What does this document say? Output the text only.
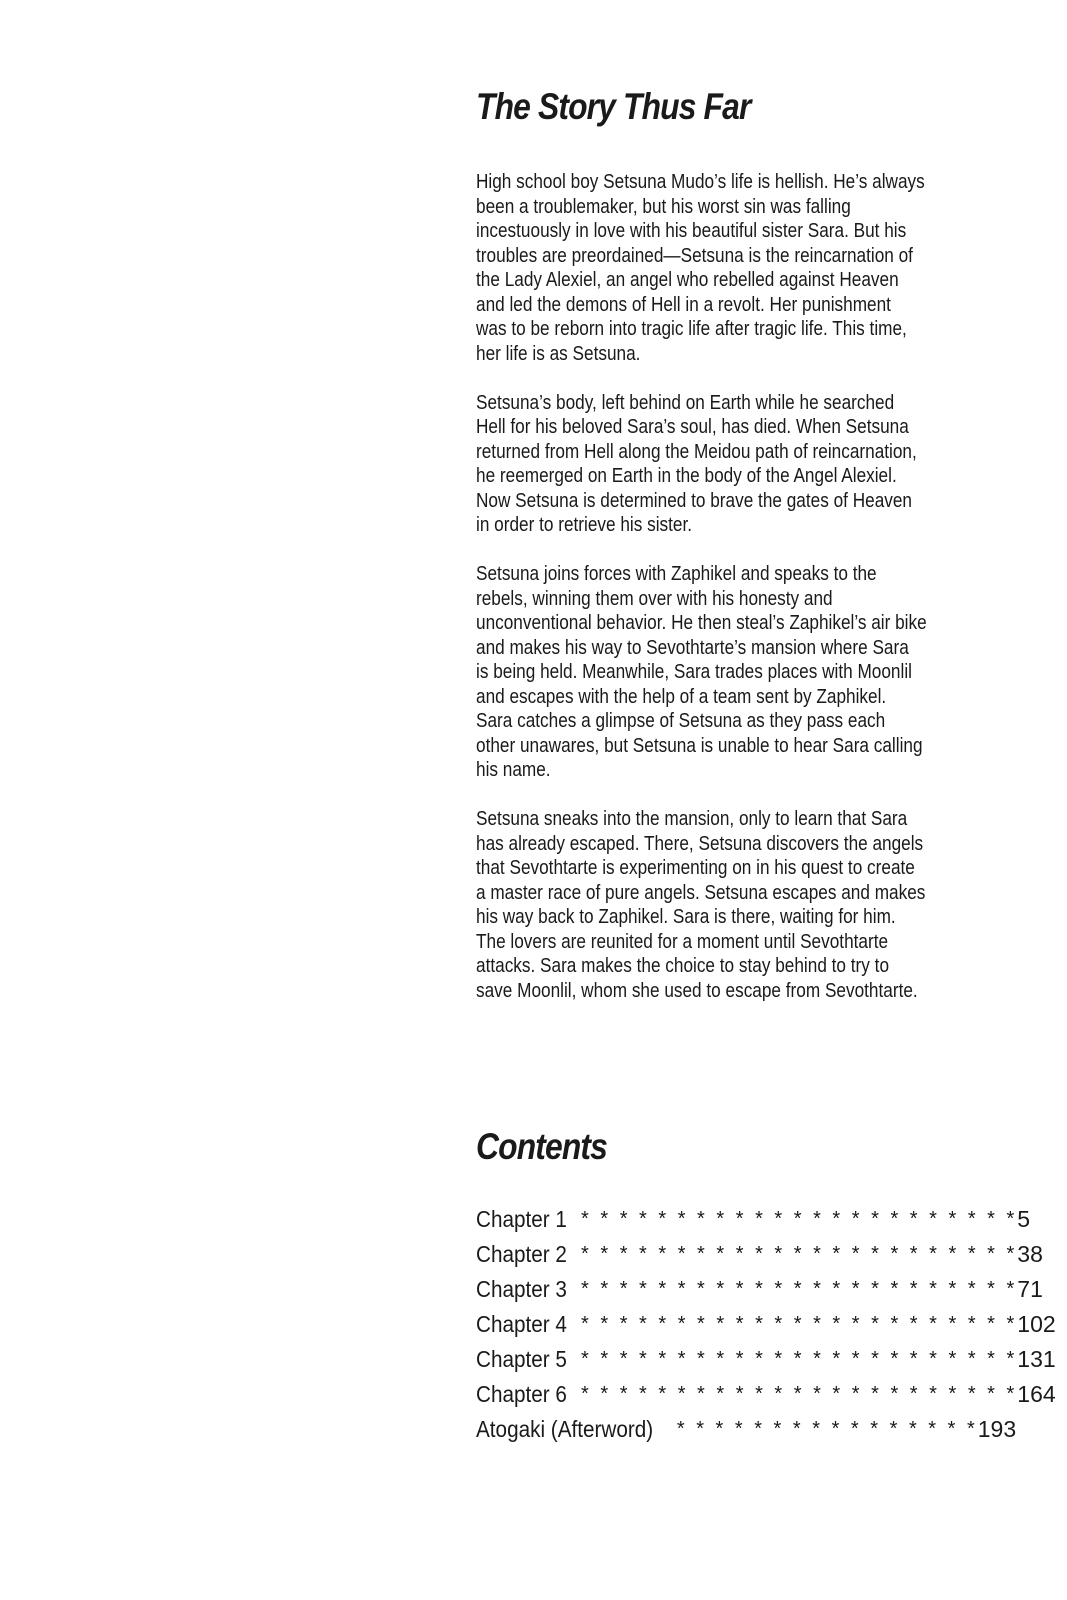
The Story Thus Far

High school boy Setsuna Mudo’s life is hellish. He’s always
been a troublemaker, but his worst sin was falling
incestuously in love with his beautiful sister Sara. But his
troubles are preordained—Setsuna is the reincarnation of
the Lady Alexiel, an angel who rebelled against Heaven
and led the demons of Hell in a revolt. Her punishment
was to be reborn into tragic life after tragic life. This time,
her life is as Setsuna.

Setsuna’s body, left behind on Earth while he searched
Hell for his beloved Sara’s soul, has died. When Setsuna
returned from Hell along the Meidou path of reincarnation,
he reemerged on Earth in the body of the Angel Alexiel.
Now Setsuna is determined to brave the gates of Heaven
in order to retrieve his sister.

Setsuna joins forces with Zaphikel and speaks to the
rebels, winning them over with his honesty and
unconventional behavior. He then steal’s Zaphikel’s air bike
and makes his way to Sevothtarte’s mansion where Sara
is being held. Meanwhile, Sara trades places with Moonlil
and escapes with the help of a team sent by Zaphikel.
Sara catches a glimpse of Setsuna as they pass each
other unawares, but Setsuna is unable to hear Sara calling
his name.

Setsuna sneaks into the mansion, only to learn that Sara
has already escaped. There, Setsuna discovers the angels
that Sevothtarte is experimenting on in his quest to create
a master race of pure angels. Setsuna escapes and makes
his way back to Zaphikel. Sara is there, waiting for him.
The lovers are reunited for a moment until Sevothtarte
attacks. Sara makes the choice to stay behind to try to
save Moonlil, whom she used to escape from Sevothtarte.

Contents
Chapter 1 * * * * * * * * * * * * * * * * * * * * * * * 5
Chapter 2 * * * * * * * * * * * * * * * * * * * * * * * 38
Chapter 3 * * * * * * * * * * * * * * * * * * * * * * * 71
Chapter 4 * * * * * * * * * * * * * * * * * * * * * * * 102
Chapter 5 * * * * * * * * * * * * * * * * * * * * * * * 131
Chapter 6 * * * * * * * * * * * * * * * * * * * * * * * 164
Atogaki (Afterword) * * * * * * * * * * * * * * * * 193
